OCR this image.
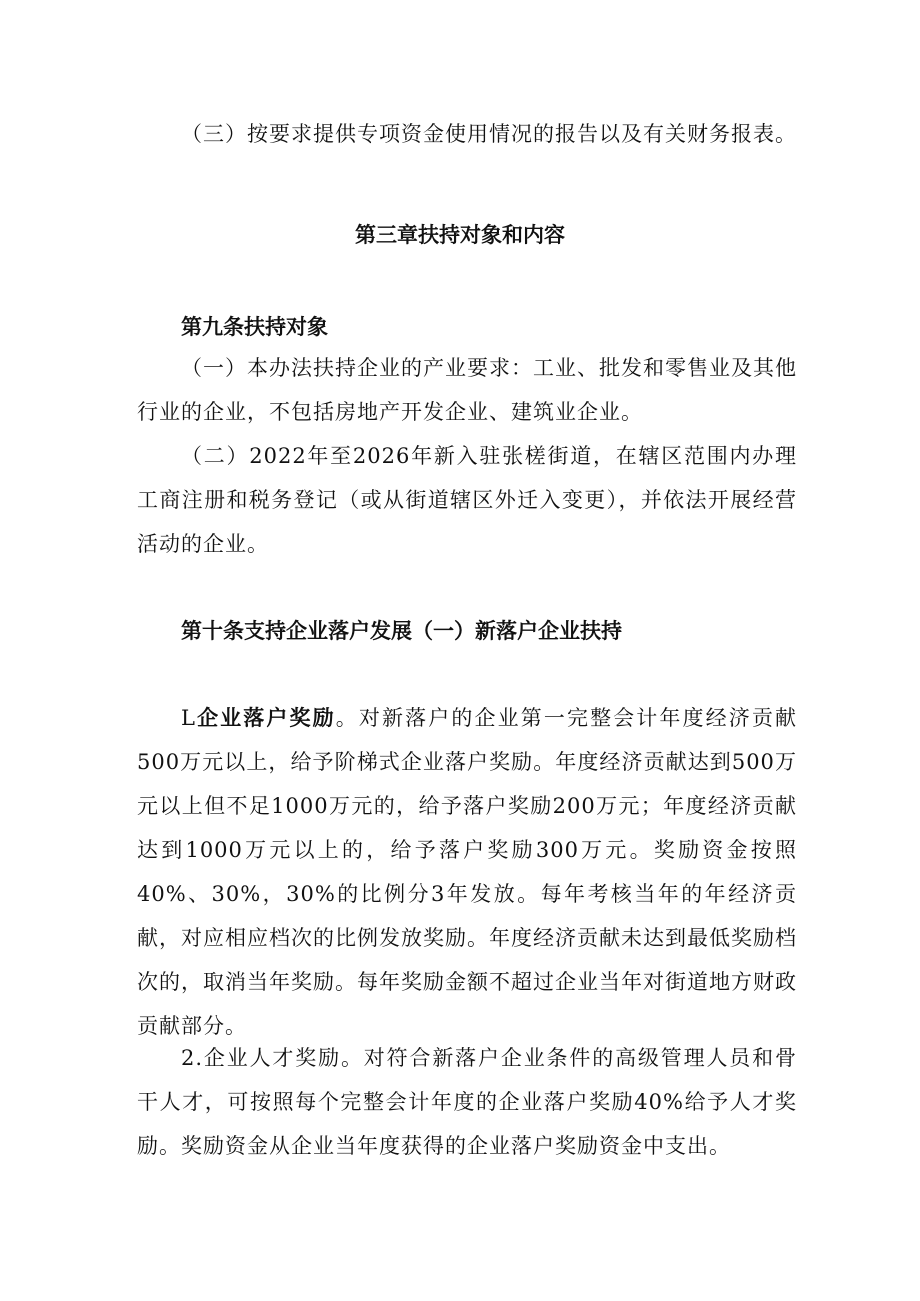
（三）按要求提供专项资金使用情况的报告以及有关财务报表。

第三章扶持对象和内容
第九条扶持对象

（一）本办法扶持企业的产业要求：工业、批发和零售业及其他行业的企业，不包括房地产开发企业、建筑业企业。

（二）2022年至2026年新入驻张槎街道，在辖区范围内办理工商注册和税务登记（或从街道辖区外迁入变更），并依法开展经营活动的企业。

第十条支持企业落户发展（一）新落户企业扶持

L企业落户奖励。对新落户的企业第一完整会计年度经济贡献500万元以上，给予阶梯式企业落户奖励。年度经济贡献达到500万元以上但不足1000万元的，给予落户奖励200万元；年度经济贡献达到1000万元以上的，给予落户奖励300万元。奖励资金按照40%、30%，30%的比例分3年发放。每年考核当年的年经济贡献，对应相应档次的比例发放奖励。年度经济贡献未达到最低奖励档次的，取消当年奖励。每年奖励金额不超过企业当年对街道地方财政贡献部分。

2.企业人才奖励。对符合新落户企业条件的高级管理人员和骨干人才，可按照每个完整会计年度的企业落户奖励40%给予人才奖励。奖励资金从企业当年度获得的企业落户奖励资金中支出。
